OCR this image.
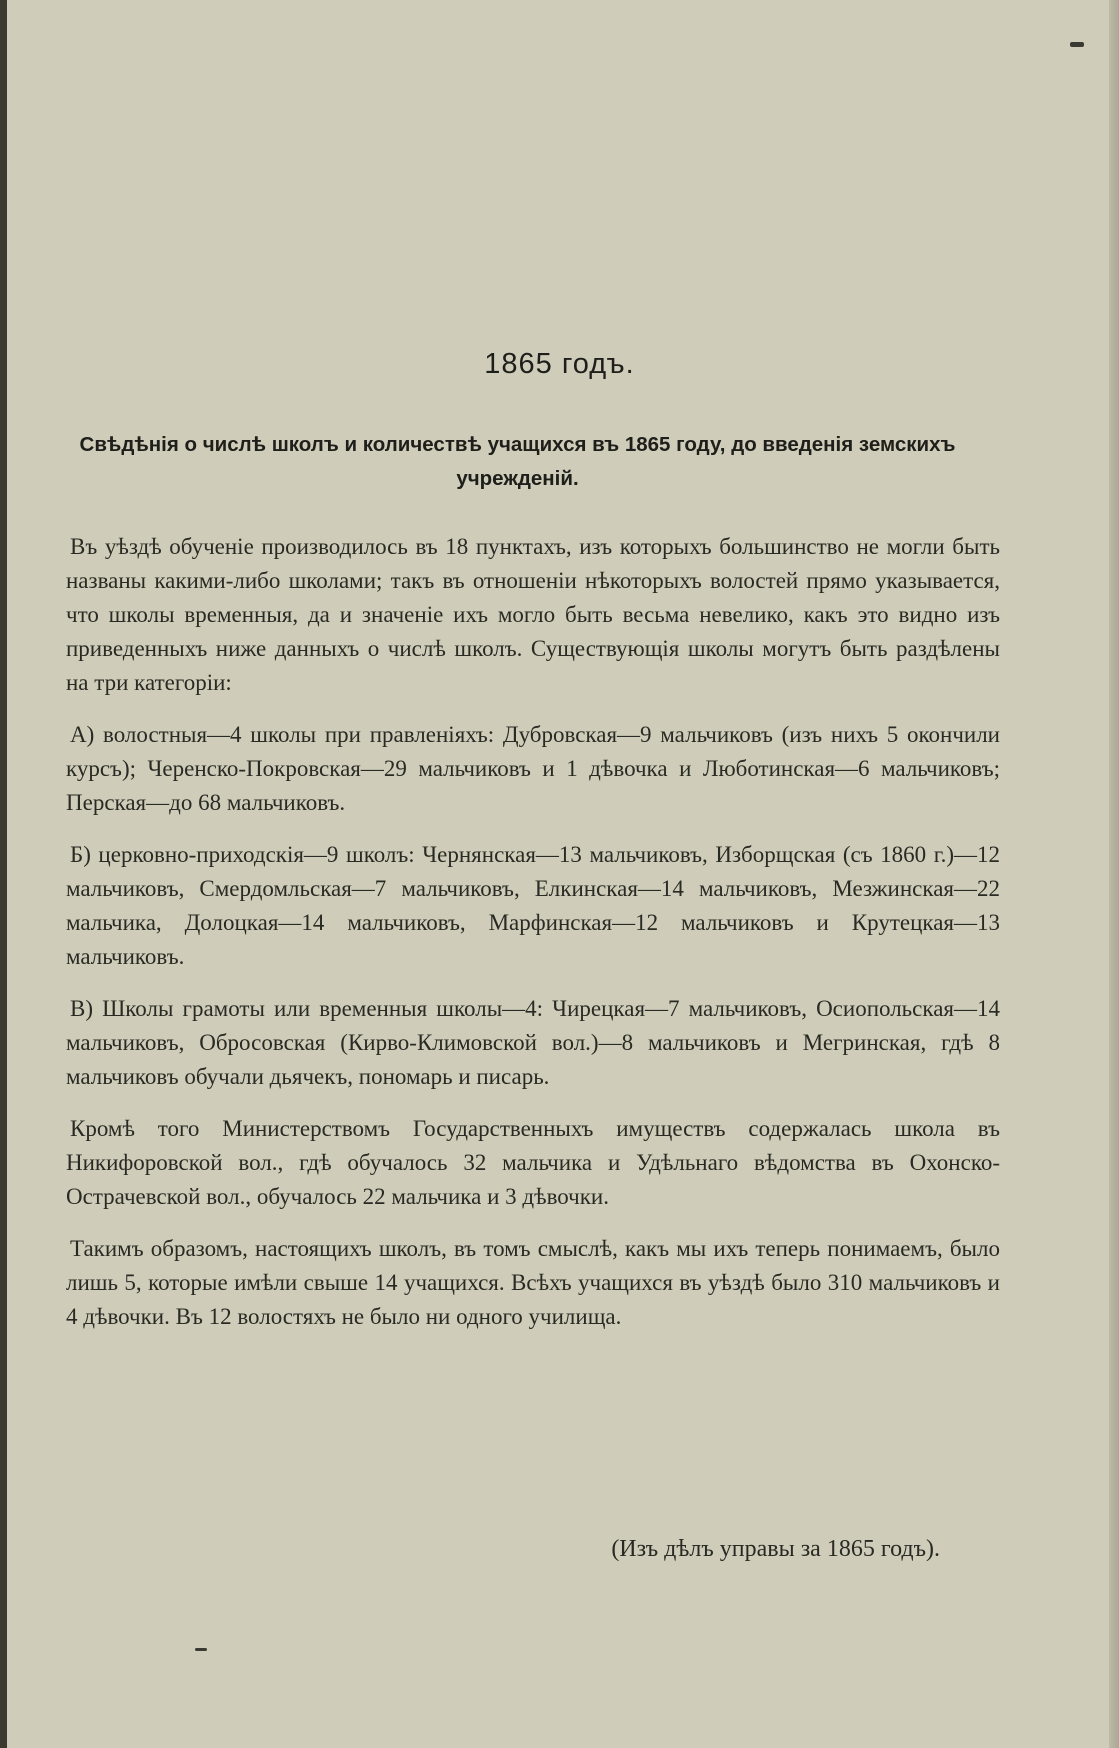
1865 годъ.
Свѣдѣнія о числѣ школъ и количествѣ учащихся въ 1865 году, до введенія земскихъ учрежденій.

Въ уѣздѣ обученіе производилось въ 18 пунктахъ, изъ которыхъ большинство не могли быть названы какими-либо школами; такъ въ отношеніи нѣкоторыхъ волостей прямо указывается, что школы временныя, да и значеніе ихъ могло быть весьма невелико, какъ это видно изъ приведенныхъ ниже данныхъ о числѣ школъ. Существующія школы могутъ быть раздѣлены на три категоріи:

А) волостныя—4 школы при правленіяхъ: Дубровская—9 мальчиковъ (изъ нихъ 5 окончили курсъ); Черенско-Покровская—29 мальчиковъ и 1 дѣвочка и Люботинская—6 мальчиковъ; Перская—до 68 мальчиковъ.

Б) церковно-приходскія—9 школъ: Чернянская—13 мальчиковъ, Изборщская (съ 1860 г.)—12 мальчиковъ, Смердомльская—7 мальчиковъ, Елкинская—14 мальчиковъ, Мезжинская—22 мальчика, Долоцкая—14 мальчиковъ, Марфинская—12 мальчиковъ и Крутецкая—13 мальчиковъ.

В) Школы грамоты или временныя школы—4: Чирецкая—7 мальчиковъ, Осиопольская—14 мальчиковъ, Обросовская (Кирво-Климовской вол.)—8 мальчиковъ и Мегринская, гдѣ 8 мальчиковъ обучали дьячекъ, пономарь и писарь.

Кромѣ того Министерствомъ Государственныхъ имуществъ содержалась школа въ Никифоровской вол., гдѣ обучалось 32 мальчика и Удѣльнаго вѣдомства въ Охонско-Острачевской вол., обучалось 22 мальчика и 3 дѣвочки.

Такимъ образомъ, настоящихъ школъ, въ томъ смыслѣ, какъ мы ихъ теперь понимаемъ, было лишь 5, которые имѣли свыше 14 учащихся. Всѣхъ учащихся въ уѣздѣ было 310 мальчиковъ и 4 дѣвочки. Въ 12 волостяхъ не было ни одного училища.

(Изъ дѣлъ управы за 1865 годъ).
